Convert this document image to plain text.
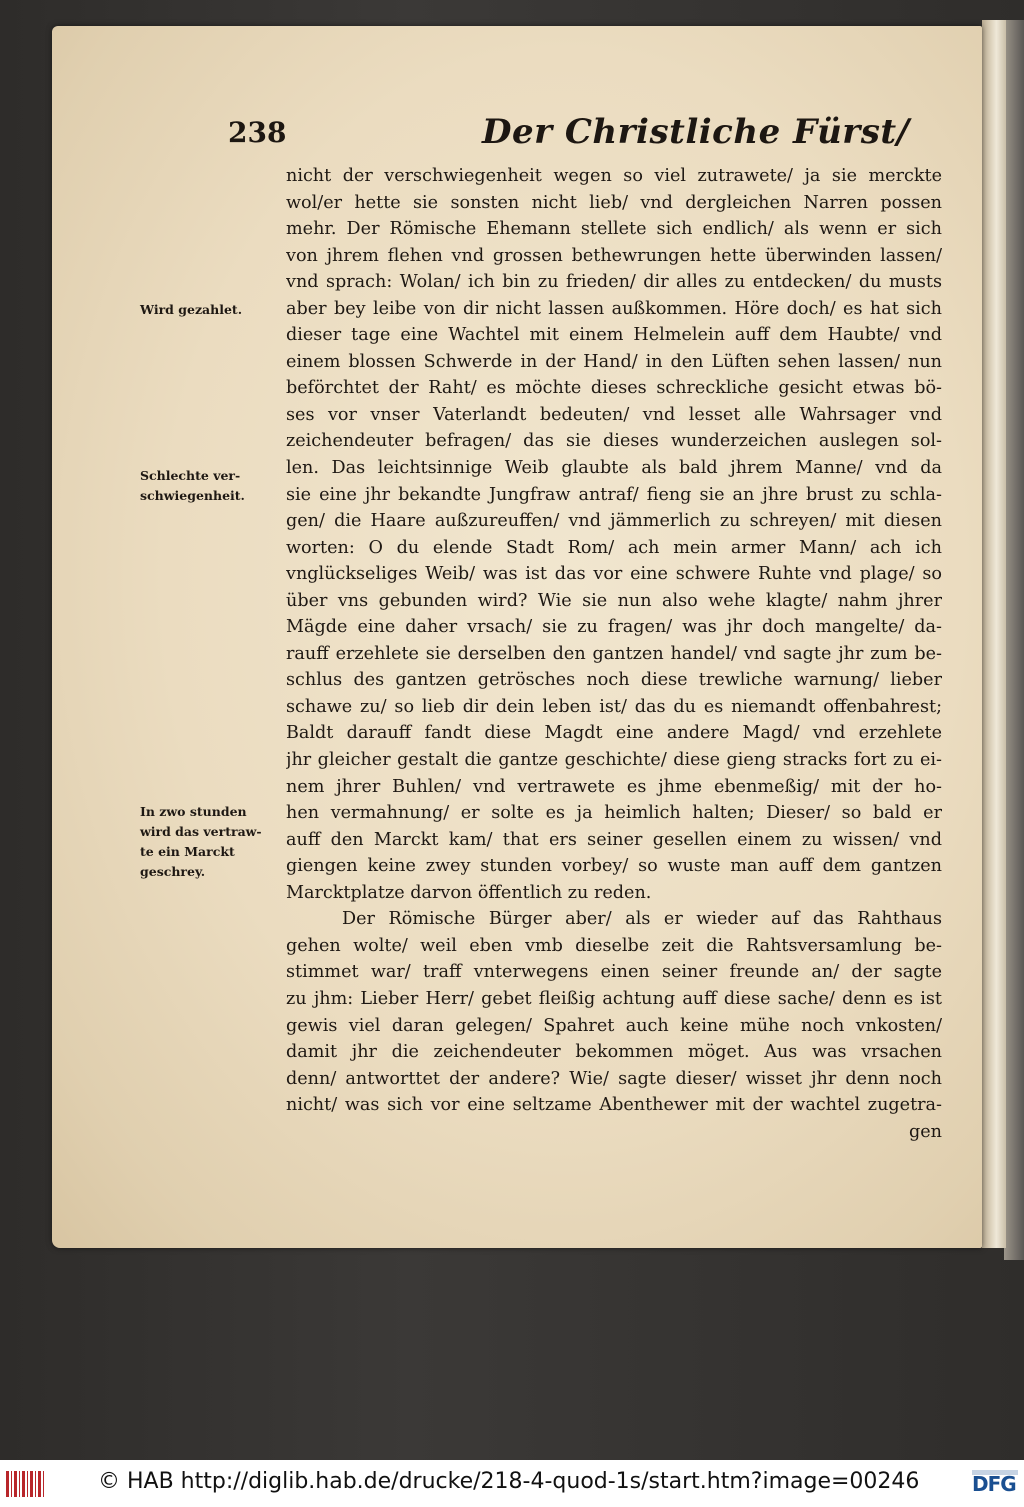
238	Der Christliche Fürst/
Wird gezahlet.
Schlechte ver-
schwiegenheit.
In zwo stunden
wird das vertraw-
te ein Marckt
geschrey.
nicht der verschwiegenheit wegen so viel zutrawete/ ja sie merckte
wol/er hette sie sonsten nicht lieb/ vnd dergleichen Narren possen
mehr. Der Römische Ehemann stellete sich endlich/ als wenn er sich
von jhrem flehen vnd grossen bethewrungen hette überwinden lassen/
vnd sprach: Wolan/ ich bin zu frieden/ dir alles zu entdecken/ du musts
aber bey leibe von dir nicht lassen außkommen. Höre doch/ es hat sich
dieser tage eine Wachtel mit einem Helmelein auff dem Haubte/ vnd
einem blossen Schwerde in der Hand/ in den Lüften sehen lassen/ nun
beförchtet der Raht/ es möchte dieses schreckliche gesicht etwas bö-
ses vor vnser Vaterlandt bedeuten/ vnd lesset alle Wahrsager vnd
zeichendeuter befragen/ das sie dieses wunderzeichen auslegen sol-
len. Das leichtsinnige Weib glaubte als bald jhrem Manne/ vnd da
sie eine jhr bekandte Jungfraw antraf/ fieng sie an jhre brust zu schla-
gen/ die Haare außzureuffen/ vnd jämmerlich zu schreyen/ mit diesen
worten: O du elende Stadt Rom/ ach mein armer Mann/ ach ich
vnglückseliges Weib/ was ist das vor eine schwere Ruhte vnd plage/ so
über vns gebunden wird? Wie sie nun also wehe klagte/ nahm jhrer
Mägde eine daher vrsach/ sie zu fragen/ was jhr doch mangelte/ da-
rauff erzehlete sie derselben den gantzen handel/ vnd sagte jhr zum be-
schlus des gantzen getrösches noch diese trewliche warnung/ lieber
schawe zu/ so lieb dir dein leben ist/ das du es niemandt offenbahrest;
Baldt darauff fandt diese Magdt eine andere Magd/ vnd erzehlete
jhr gleicher gestalt die gantze geschichte/ diese gieng stracks fort zu ei-
nem jhrer Buhlen/ vnd vertrawete es jhme ebenmeßig/ mit der ho-
hen vermahnung/ er solte es ja heimlich halten; Dieser/ so bald er
auff den Marckt kam/ that ers seiner gesellen einem zu wissen/ vnd
giengen keine zwey stunden vorbey/ so wuste man auff dem gantzen
Marcktplatze darvon öffentlich zu reden.
Der Römische Bürger aber/ als er wieder auf das Rahthaus
gehen wolte/ weil eben vmb dieselbe zeit die Rahtsversamlung be-
stimmet war/ traff vnterwegens einen seiner freunde an/ der sagte
zu jhm: Lieber Herr/ gebet fleißig achtung auff diese sache/ denn es ist
gewis viel daran gelegen/ Spahret auch keine mühe noch vnkosten/
damit jhr die zeichendeuter bekommen möget. Aus was vrsachen
denn/ antworttet der andere? Wie/ sagte dieser/ wisset jhr denn noch
nicht/ was sich vor eine seltzame Abenthewer mit der wachtel zugetra-
gen
© HAB http://diglib.hab.de/drucke/218-4-quod-1s/start.htm?image=00246	DFG
